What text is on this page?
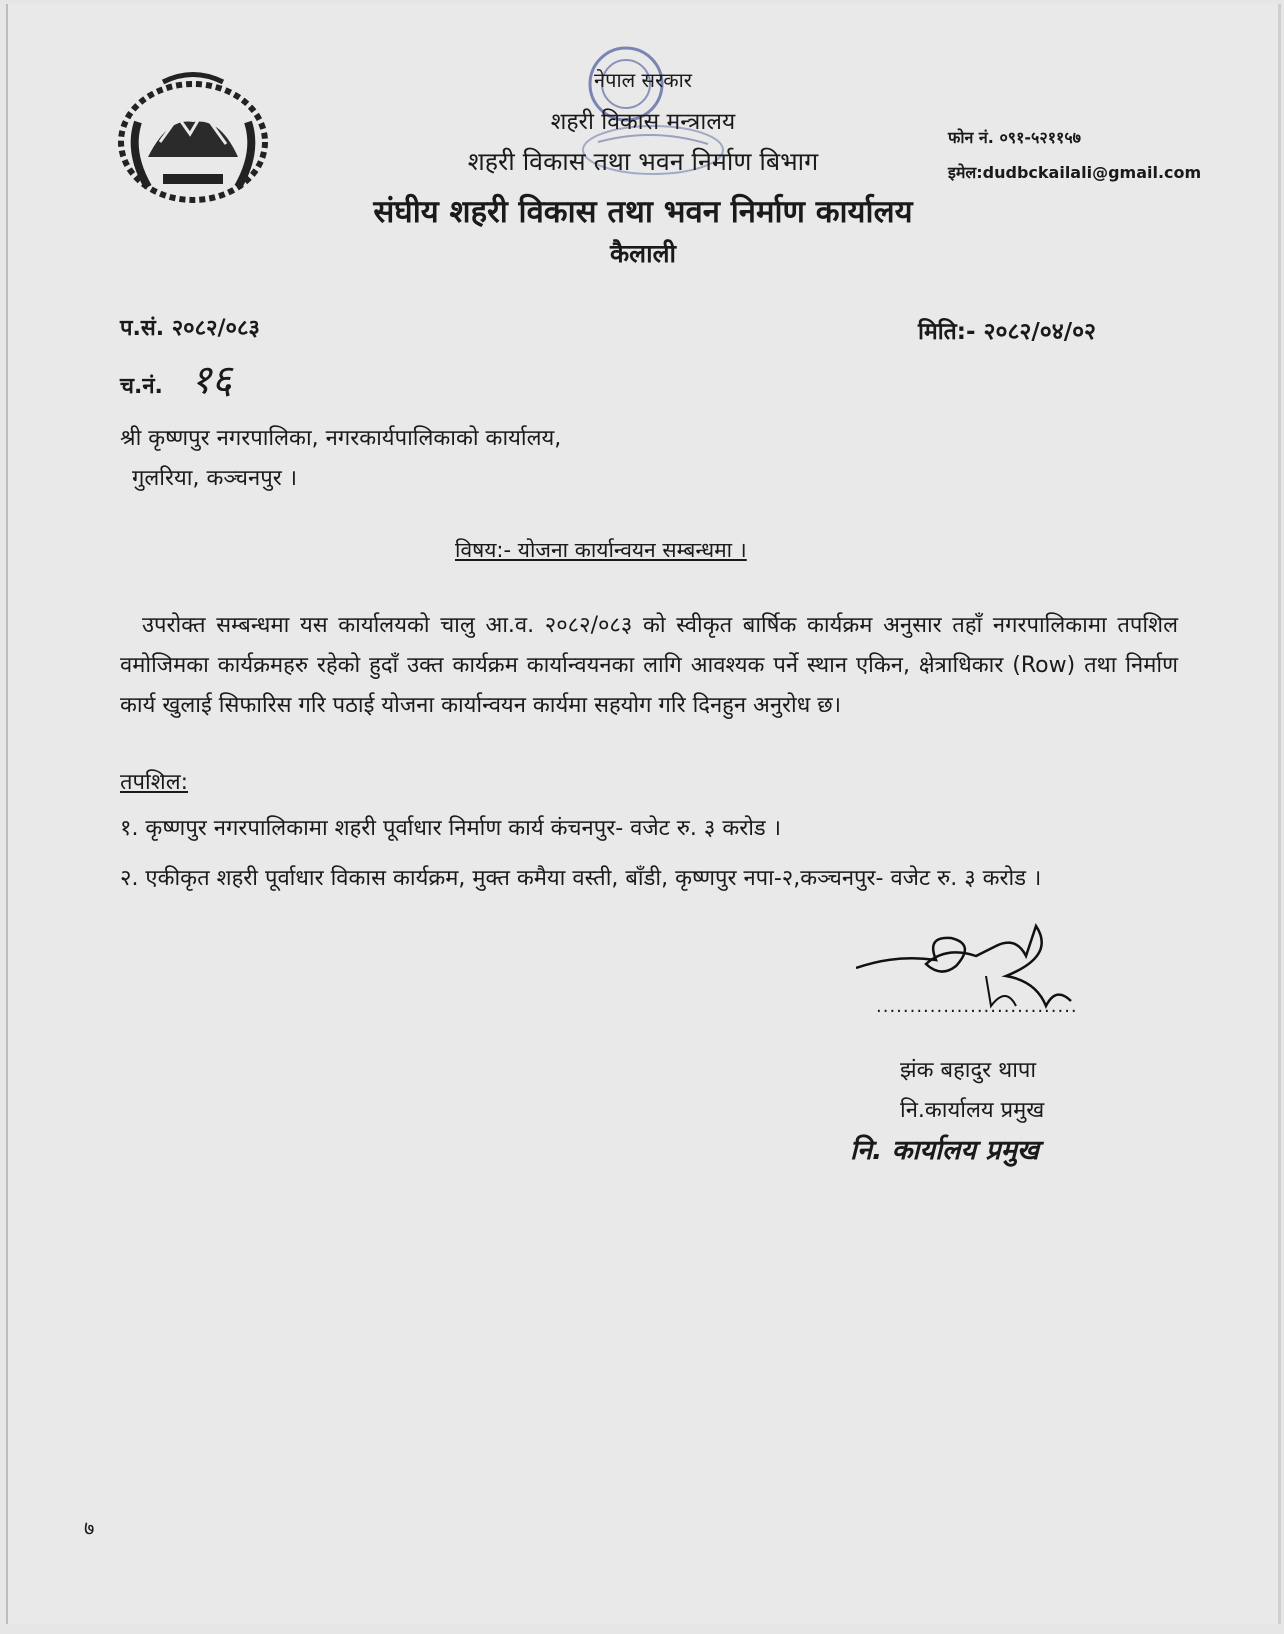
नेपाल सरकार
शहरी विकास मन्त्रालय
शहरी विकास तथा भवन निर्माण बिभाग
संघीय शहरी विकास तथा भवन निर्माण कार्यालय
कैलाली
फोन नं. ०९१-५२११५७
इमेल:dudbckailali@gmail.com
प.सं. २०८२/०८३
च.नं. १६
मिति:- २०८२/०४/०२
श्री कृष्णपुर नगरपालिका, नगरकार्यपालिकाको कार्यालय,
गुलरिया, कञ्चनपुर ।
विषय:- योजना कार्यान्वयन सम्बन्धमा ।
उपरोक्त सम्बन्धमा यस कार्यालयको चालु आ.व. २०८२/०८३ को स्वीकृत बार्षिक कार्यक्रम अनुसार तहाँ नगरपालिकामा तपशिल वमोजिमका कार्यक्रमहरु रहेको हुदाँ उक्त कार्यक्रम कार्यान्वयनका लागि आवश्यक पर्ने स्थान एकिन, क्षेत्राधिकार (Row) तथा निर्माण कार्य खुलाई सिफारिस गरि पठाई योजना कार्यान्वयन कार्यमा सहयोग गरि दिनहुन अनुरोध छ।
तपशिल:
१. कृष्णपुर नगरपालिकामा शहरी पूर्वाधार निर्माण कार्य कंचनपुर- वजेट रु. ३ करोड ।
२. एकीकृत शहरी पूर्वाधार विकास कार्यक्रम, मुक्त कमैया वस्ती, बाँडी, कृष्णपुर नपा-२,कञ्चनपुर- वजेट रु. ३ करोड ।
..............................
झंक बहादुर थापा
नि.कार्यालय प्रमुख
नि. कार्यालय प्रमुख
७
